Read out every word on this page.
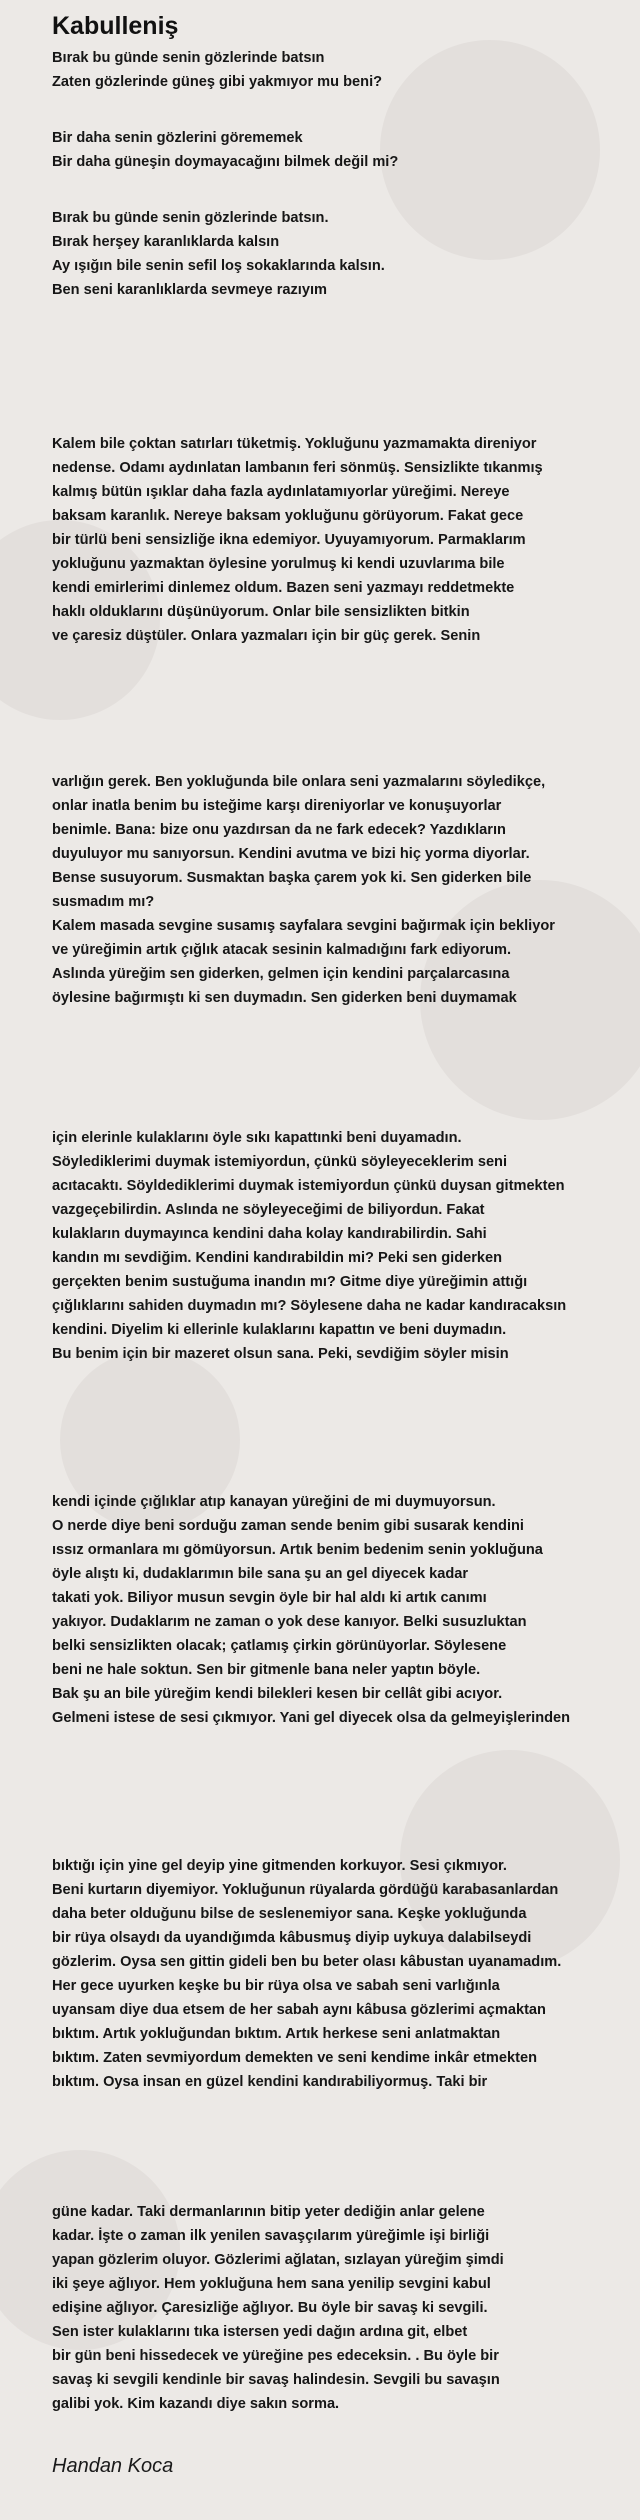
Kabulleniş
Bırak bu günde senin gözlerinde batsın
Zaten gözlerinde güneş gibi yakmıyor mu beni?
Bir daha senin gözlerini görememek
Bir daha güneşin doymayacağını bilmek değil mi?
Bırak bu günde senin gözlerinde batsın.
Bırak herşey karanlıklarda kalsın
Ay ışığın bile senin sefil loş sokaklarında kalsın.
Ben seni karanlıklarda sevmeye razıyım
Kalem bile çoktan satırları tüketmiş. Yokluğunu yazmamakta direniyor
nedense. Odamı aydınlatan lambanın feri sönmüş. Sensizlikte tıkanmış
kalmış bütün ışıklar daha fazla aydınlatamıyorlar yüreğimi. Nereye
baksam karanlık. Nereye baksam yokluğunu görüyorum. Fakat gece
bir türlü beni sensizliğe ikna edemiyor. Uyuyamıyorum. Parmaklarım
yokluğunu yazmaktan öylesine yorulmuş ki kendi uzuvlarıma bile
kendi emirlerimi dinlemez oldum. Bazen seni yazmayı reddetmekte
haklı olduklarını düşünüyorum. Onlar bile sensizlikten bitkin
ve çaresiz düştüler. Onlara yazmaları için bir güç gerek. Senin
varlığın gerek. Ben yokluğunda bile onlara seni yazmalarını söyledikçe,
onlar inatla benim bu isteğime karşı direniyorlar ve konuşuyorlar
benimle. Bana: bize onu yazdırsan da ne fark edecek? Yazdıkların
duyuluyor mu sanıyorsun. Kendini avutma ve bizi hiç yorma diyorlar.
Bense susuyorum. Susmaktan başka çarem yok ki. Sen giderken bile
susmadım mı?
Kalem masada sevgine susamış sayfalara sevgini bağırmak için bekliyor
ve yüreğimin artık çığlık atacak sesinin kalmadığını fark ediyorum.
Aslında yüreğim sen giderken, gelmen için kendini parçalarcasına
öylesine bağırmıştı ki sen duymadın. Sen giderken beni duymamak
için elerinle kulaklarını öyle sıkı kapattınki beni duyamadın.
Söylediklerimi duymak istemiyordun, çünkü söyleyeceklerim seni
acıtacaktı. Söyldediklerimi duymak istemiyordun çünkü duysan gitmekten
vazgeçebilirdin. Aslında ne söyleyeceğimi de biliyordun. Fakat
kulakların duymayınca kendini daha kolay kandırabilirdin. Sahi
kandın mı sevdiğim. Kendini kandırabildin mi? Peki sen giderken
gerçekten benim sustuğuma inandın mı? Gitme diye yüreğimin attığı
çığlıklarını sahiden duymadın mı? Söylesene daha ne kadar kandıracaksın
kendini. Diyelim ki ellerinle kulaklarını kapattın ve beni duymadın.
Bu benim için bir mazeret olsun sana. Peki, sevdiğim söyler misin
kendi içinde çığlıklar atıp kanayan yüreğini de mi duymuyorsun.
O nerde diye beni sorduğu zaman sende benim gibi susarak kendini
ıssız ormanlara mı gömüyorsun. Artık benim bedenim senin yokluğuna
öyle alıştı ki, dudaklarımın bile sana şu an gel diyecek kadar
takati yok. Biliyor musun sevgin öyle bir hal aldı ki artık canımı
yakıyor. Dudaklarım ne zaman o yok dese kanıyor. Belki susuzluktan
belki sensizlikten olacak; çatlamış çirkin görünüyorlar. Söylesene
beni ne hale soktun. Sen bir gitmenle bana neler yaptın böyle.
Bak şu an bile yüreğim kendi bilekleri kesen bir cellât gibi acıyor.
Gelmeni istese de sesi çıkmıyor. Yani gel diyecek olsa da gelmeyişlerinden
bıktığı için yine gel deyip yine gitmenden korkuyor. Sesi çıkmıyor.
Beni kurtarın diyemiyor. Yokluğunun rüyalarda gördüğü karabasanlardan
daha beter olduğunu bilse de seslenemiyor sana. Keşke yokluğunda
bir rüya olsaydı da uyandığımda kâbusmuş diyip uykuya dalabilseydi
gözlerim. Oysa sen gittin gideli ben bu beter olası kâbustan uyanamadım.
Her gece uyurken keşke bu bir rüya olsa ve sabah seni varlığınla
uyansam diye dua etsem de her sabah aynı kâbusa gözlerimi açmaktan
bıktım. Artık yokluğundan bıktım. Artık herkese seni anlatmaktan
bıktım. Zaten sevmiyordum demekten ve seni kendime inkâr etmekten
bıktım. Oysa insan en güzel kendini kandırabiliyormuş. Taki bir
güne kadar. Taki dermanlarının bitip yeter dediğin anlar gelene
kadar. İşte o zaman ilk yenilen savaşçılarım yüreğimle işi birliği
yapan gözlerim oluyor. Gözlerimi ağlatan, sızlayan yüreğim şimdi
iki şeye ağlıyor. Hem yokluğuna hem sana yenilip sevgini kabul
edişine ağlıyor. Çaresizliğe ağlıyor. Bu öyle bir savaş ki sevgili.
Sen ister kulaklarını tıka istersen yedi dağın ardına git, elbet
bir gün beni hissedecek ve yüreğine pes edeceksin. . Bu öyle bir
savaş ki sevgili kendinle bir savaş halindesin. Sevgili bu savaşın
galibi yok. Kim kazandı diye sakın sorma.
Handan Koca
